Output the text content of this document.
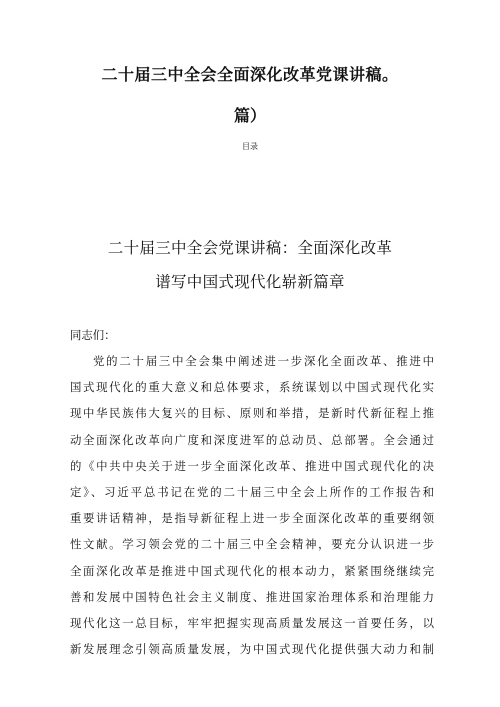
二十届三中全会全面深化改革党课讲稿。
篇）
目录
二十届三中全会党课讲稿：全面深化改革
谱写中国式现代化崭新篇章
同志们：
党的二十届三中全会集中阐述进一步深化全面改革、推进中
国式现代化的重大意义和总体要求，系统谋划以中国式现代化实
现中华民族伟大复兴的目标、原则和举措，是新时代新征程上推
动全面深化改革向广度和深度进军的总动员、总部署。全会通过
的《中共中央关于进一步全面深化改革、推进中国式现代化的决
定》、习近平总书记在党的二十届三中全会上所作的工作报告和
重要讲话精神，是指导新征程上进一步全面深化改革的重要纲领
性文献。学习领会党的二十届三中全会精神，要充分认识进一步
全面深化改革是推进中国式现代化的根本动力，紧紧围绕继续完
善和发展中国特色社会主义制度、推进国家治理体系和治理能力
现代化这一总目标，牢牢把握实现高质量发展这一首要任务，以
新发展理念引领高质量发展，为中国式现代化提供强大动力和制
